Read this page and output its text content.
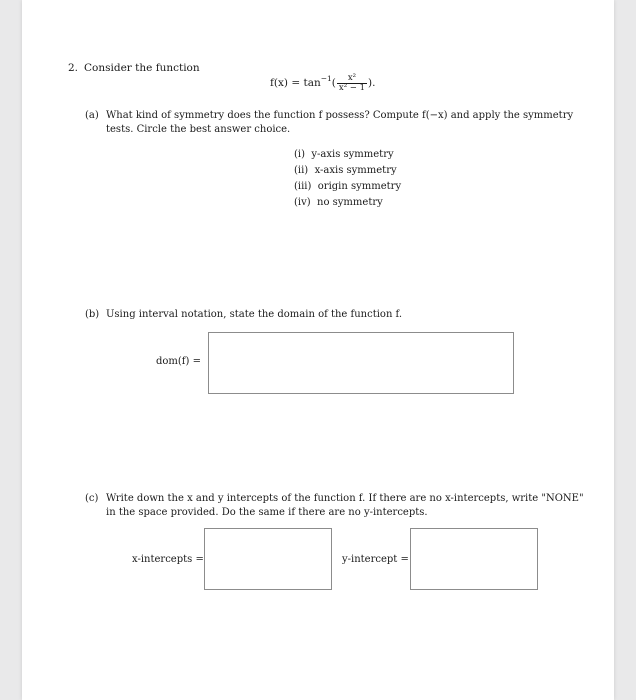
2. Consider the function
f(x) =
$\tan^{-1}$ ( $\frac{\text{x²}}{\text{x² − 1}}$ ).
(a) What kind of symmetry does the function f possess? Compute f(−x) and apply the symmetry
tests. Circle the best answer choice.
(i) y-axis symmetry
(ii) x-axis symmetry
(iii) origin symmetry
(iv) no symmetry
(b) Using interval notation, state the domain of the function f.
dom(f) =
(c) Write down the x and y intercepts of the function f. If there are no x-intercepts, write "NONE"
in the space provided. Do the same if there are no y-intercepts.
x-intercepts =	y-intercept =
